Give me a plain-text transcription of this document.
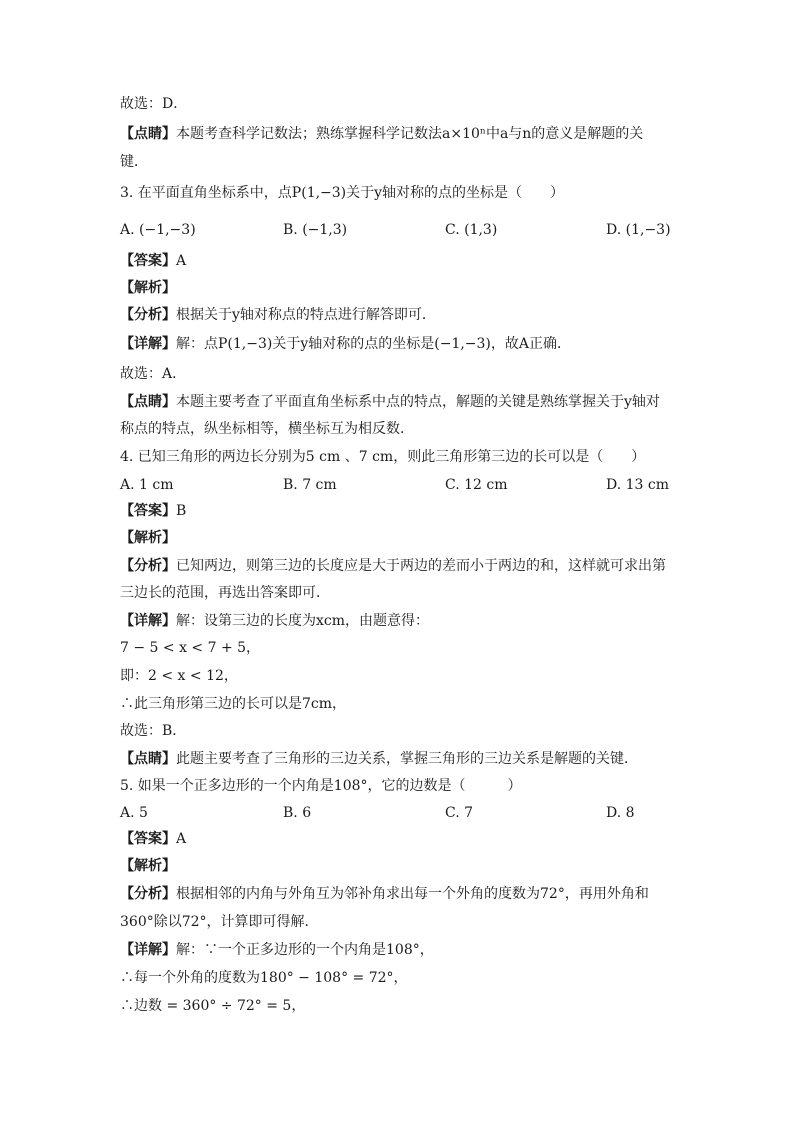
故选：D．
【点睛】本题考查科学记数法；熟练掌握科学记数法a×10ⁿ中a与n的意义是解题的关
键．
3. 在平面直角坐标系中，点P(1,−3)关于y轴对称的点的坐标是（　　）
A. (−1,−3)	B. (−1,3)	C. (1,3)	D. (1,−3)
【答案】A
【解析】
【分析】根据关于y轴对称点的特点进行解答即可．
【详解】解：点P(1,−3)关于y轴对称的点的坐标是(−1,−3)，故A正确．
故选：A．
【点睛】本题主要考查了平面直角坐标系中点的特点，解题的关键是熟练掌握关于y轴对
称点的特点，纵坐标相等，横坐标互为相反数．
4. 已知三角形的两边长分别为5 cm 、7 cm，则此三角形第三边的长可以是（　　）
A. 1 cm	B. 7 cm	C. 12 cm	D. 13 cm
【答案】B
【解析】
【分析】已知两边，则第三边的长度应是大于两边的差而小于两边的和，这样就可求出第
三边长的范围，再选出答案即可．
【详解】解：设第三边的长度为xcm，由题意得：
7 − 5 < x < 7 + 5，
即：2 < x < 12，
∴此三角形第三边的长可以是7cm，
故选：B．
【点睛】此题主要考查了三角形的三边关系，掌握三角形的三边关系是解题的关键．
5. 如果一个正多边形的一个内角是108°，它的边数是（　　　）
A. 5	B. 6	C. 7	D. 8
【答案】A
【解析】
【分析】根据相邻的内角与外角互为邻补角求出每一个外角的度数为72°，再用外角和
360°除以72°，计算即可得解．
【详解】解：∵一个正多边形的一个内角是108°，
∴每一个外角的度数为180° − 108° = 72°，
∴边数 = 360° ÷ 72° = 5，
